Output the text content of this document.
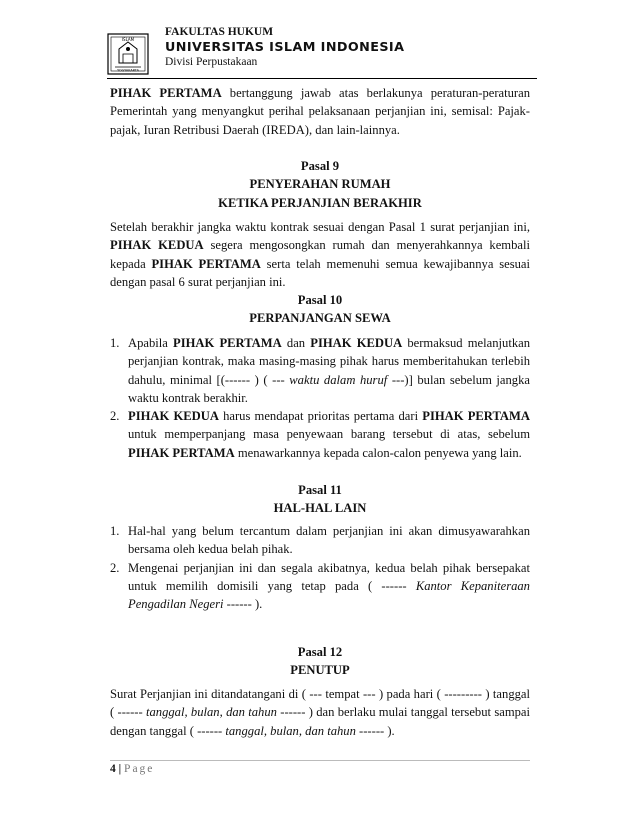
ISLAM
YOGYAKARTA
FAKULTAS HUKUM
UNIVERSITAS ISLAM INDONESIA
Divisi Perpustakaan
PIHAK PERTAMA bertanggung jawab atas berlakunya peraturan-peraturan Pemerintah yang menyangkut perihal pelaksanaan perjanjian ini, semisal: Pajak-pajak, Iuran Retribusi Daerah (IREDA), dan lain-lainnya.
Pasal 9
PENYERAHAN RUMAH
KETIKA PERJANJIAN BERAKHIR
Setelah berakhir jangka waktu kontrak sesuai dengan Pasal 1 surat perjanjian ini, PIHAK KEDUA segera mengosongkan rumah dan menyerahkannya kembali kepada PIHAK PERTAMA serta telah memenuhi semua kewajibannya sesuai dengan pasal 6 surat perjanjian ini.
Pasal 10
PERPANJANGAN SEWA
1. Apabila PIHAK PERTAMA dan PIHAK KEDUA bermaksud melanjutkan perjanjian kontrak, maka masing-masing pihak harus memberitahukan terlebih dahulu, minimal [(------ ) ( --- waktu dalam huruf ---)] bulan sebelum jangka waktu kontrak berakhir.
2. PIHAK KEDUA harus mendapat prioritas pertama dari PIHAK PERTAMA untuk memperpanjang masa penyewaan barang tersebut di atas, sebelum PIHAK PERTAMA menawarkannya kepada calon-calon penyewa yang lain.
Pasal 11
HAL-HAL LAIN
1. Hal-hal yang belum tercantum dalam perjanjian ini akan dimusyawarahkan bersama oleh kedua belah pihak.
2. Mengenai perjanjian ini dan segala akibatnya, kedua belah pihak bersepakat untuk memilih domisili yang tetap pada ( ------ Kantor Kepaniteraan Pengadilan Negeri ------ ).
Pasal 12
PENUTUP
Surat Perjanjian ini ditandatangani di ( --- tempat --- ) pada hari ( --------- ) tanggal ( ------ tanggal, bulan, dan tahun ------ ) dan berlaku mulai tanggal tersebut sampai dengan tanggal ( ------ tanggal, bulan, dan tahun ------ ).
4 | Page
